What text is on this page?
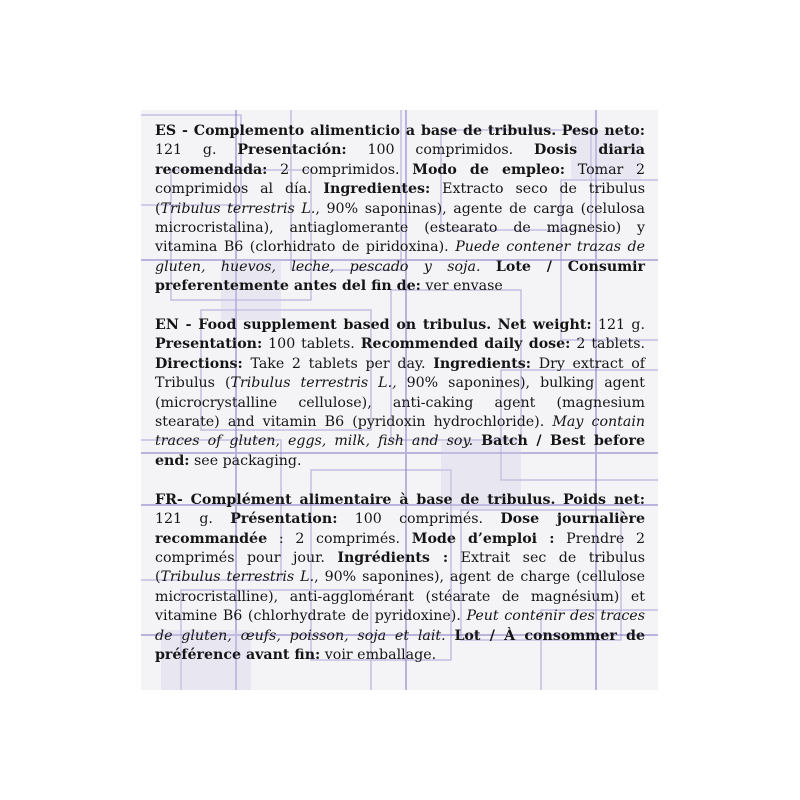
ES - Complemento alimenticio a base de tribulus. Peso neto: 121 g. Presentación: 100 comprimidos. Dosis diaria recomendada: 2 comprimidos. Modo de empleo: Tomar 2 comprimidos al día. Ingredientes: Extracto seco de tribulus (Tribulus terrestris L., 90% saponinas), agente de carga (celulosa microcristalina), antiaglomerante (estearato de magnesio) y vitamina B6 (clorhidrato de piridoxina). Puede contener trazas de gluten, huevos, leche, pescado y soja. Lote / Consumir preferentemente antes del fin de: ver envase

EN - Food supplement based on tribulus. Net weight: 121 g. Presentation: 100 tablets. Recommended daily dose: 2 tablets. Directions: Take 2 tablets per day. Ingredients: Dry extract of Tribulus (Tribulus terrestris L., 90% saponines), bulking agent (microcrystalline cellulose), anti-caking agent (magnesium stearate) and vitamin B6 (pyridoxin hydrochloride). May contain traces of gluten, eggs, milk, fish and soy. Batch / Best before end: see packaging.

FR- Complément alimentaire à base de tribulus. Poids net: 121 g. Présentation: 100 comprimés. Dose journalière recommandée : 2 comprimés. Mode d’emploi : Prendre 2 comprimés pour jour. Ingrédients : Extrait sec de tribulus (Tribulus terrestris L., 90% saponines), agent de charge (cellulose microcristalline), anti-agglomérant (stéarate de magnésium) et vitamine B6 (chlorhydrate de pyridoxine). Peut contenir des traces de gluten, œufs, poisson, soja et lait. Lot / À consommer de préférence avant fin: voir emballage.
